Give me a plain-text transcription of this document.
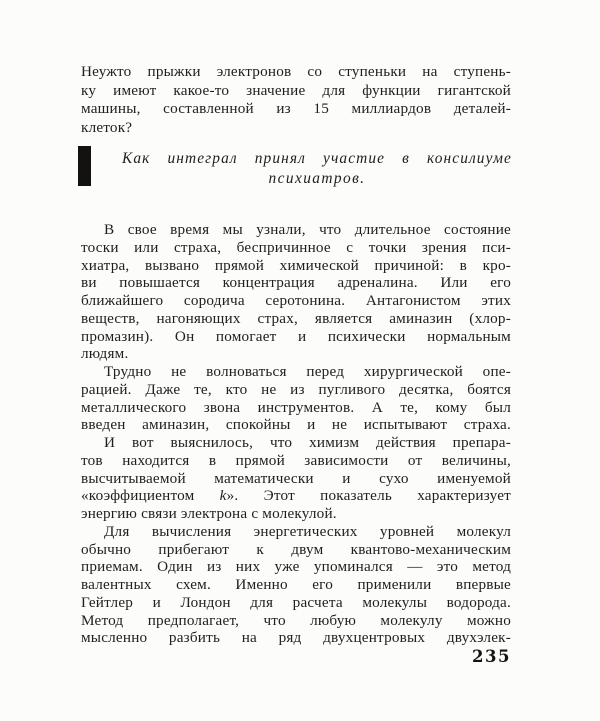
Неужто прыжки электронов со ступеньки на ступень-
ку имеют какое-то значение для функции гигантской
машины, составленной из 15 миллиардов деталей-
клеток?
Как интеграл принял участие в консилиуме
психиатров.
В свое время мы узнали, что длительное состояние
тоски или страха, беспричинное с точки зрения пси-
хиатра, вызвано прямой химической причиной: в кро-
ви повышается концентрация адреналина. Или его
ближайшего сородича серотонина. Антагонистом этих
веществ, нагоняющих страх, является аминазин (хлор-
промазин). Он помогает и психически нормальным
людям.
Трудно не волноваться перед хирургической опе-
рацией. Даже те, кто не из пугливого десятка, боятся
металлического звона инструментов. А те, кому был
введен аминазин, спокойны и не испытывают страха.
И вот выяснилось, что химизм действия препара-
тов находится в прямой зависимости от величины,
высчитываемой математически и сухо именуемой
«коэффициентом k». Этот показатель характеризует
энергию связи электрона с молекулой.
Для вычисления энергетических уровней молекул
обычно прибегают к двум квантово-механическим
приемам. Один из них уже упоминался — это метод
валентных схем. Именно его применили впервые
Гейтлер и Лондон для расчета молекулы водорода.
Метод предполагает, что любую молекулу можно
мысленно разбить на ряд двухцентровых двухэлек-
235
